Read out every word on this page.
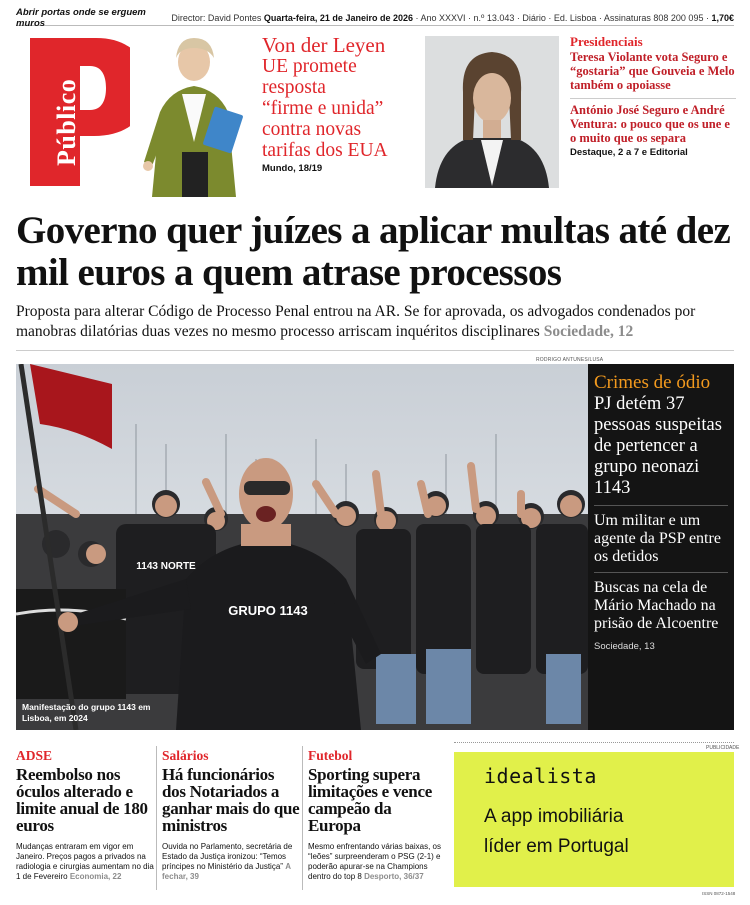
Abrir portas onde se erguem muros	Director: David Pontes Quarta-feira, 21 de Janeiro de 2026 · Ano XXXVI · n.º 13.043 · Diário · Ed. Lisboa · Assinaturas 808 200 095 · 1,70€
Público
Von der Leyen
UE promete
resposta
“firme e unida”
contra novas
tarifas dos EUA
Mundo, 18/19
Presidenciais
Teresa Violante vota Seguro e “gostaria” que Gouveia e Melo também o apoiasse
António José Seguro e André Ventura: o pouco que os une e o muito que os separa
Destaque, 2 a 7 e Editorial
Governo quer juízes a aplicar multas até dez mil euros a quem atrase processos

Proposta para alterar Código de Processo Penal entrou na AR. Se for aprovada, os advogados condenados por manobras dilatórias duas vezes no mesmo processo arriscam inquéritos disciplinares Sociedade, 12

RODRIGO ANTUNES/LUSA
GRUPO 1143
1143 NORTE
Manifestação do grupo 1143 em Lisboa, em 2024
Crimes de ódio
PJ detém 37 pessoas suspeitas de pertencer a grupo neonazi 1143
Um militar e um agente da PSP entre os detidos
Buscas na cela de Mário Machado na prisão de Alcoentre
Sociedade, 13
ADSE
Reembolso nos óculos alterado e limite anual de 180 euros
Mudanças entraram em vigor em Janeiro. Preços pagos a privados na radiologia e cirurgias aumentam no dia 1 de Fevereiro Economia, 22
Salários
Há funcionários dos Notariados a ganhar mais do que ministros
Ouvida no Parlamento, secretária de Estado da Justiça ironizou: “Temos príncipes no Ministério da Justiça” A fechar, 39
Futebol
Sporting supera limitações e vence campeão da Europa
Mesmo enfrentando várias baixas, os “leões” surpreenderam o PSG (2-1) e poderão apurar-se na Champions dentro do top 8 Desporto, 36/37
PUBLICIDADE
idealista
A app imobiliária
líder em Portugal
ISSN 0872-1548
